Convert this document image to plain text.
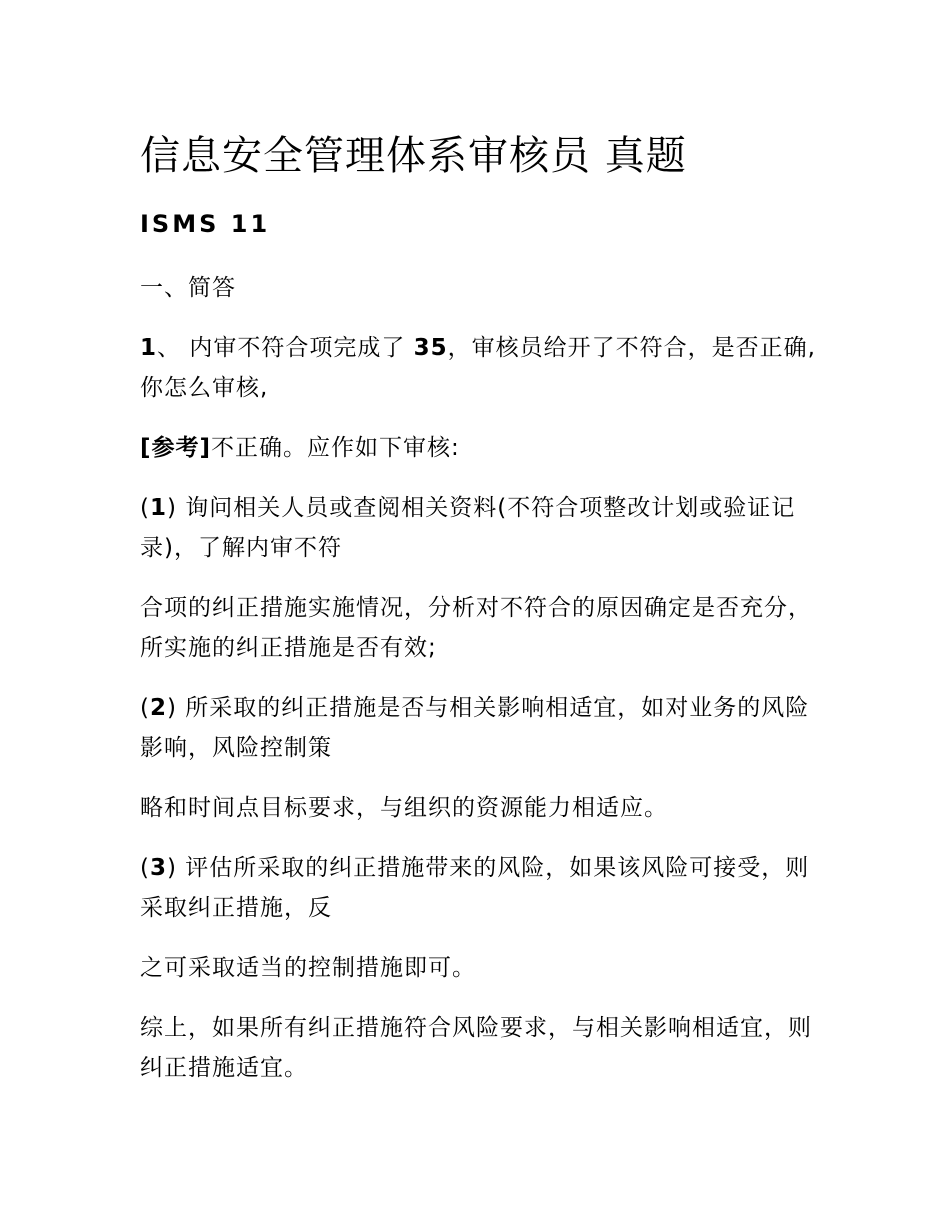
信息安全管理体系审核员 真题
ISMS 11

一、简答

1、 内审不符合项完成了 35，审核员给开了不符合，是否正确,你怎么审核,

[参考]不正确。应作如下审核:

(1) 询问相关人员或查阅相关资料(不符合项整改计划或验证记录)，了解内审不符

合项的纠正措施实施情况，分析对不符合的原因确定是否充分，所实施的纠正措施是否有效;

(2) 所采取的纠正措施是否与相关影响相适宜，如对业务的风险影响，风险控制策

略和时间点目标要求，与组织的资源能力相适应。

(3) 评估所采取的纠正措施带来的风险，如果该风险可接受，则采取纠正措施，反

之可采取适当的控制措施即可。

综上，如果所有纠正措施符合风险要求，与相关影响相适宜，则纠正措施适宜。
